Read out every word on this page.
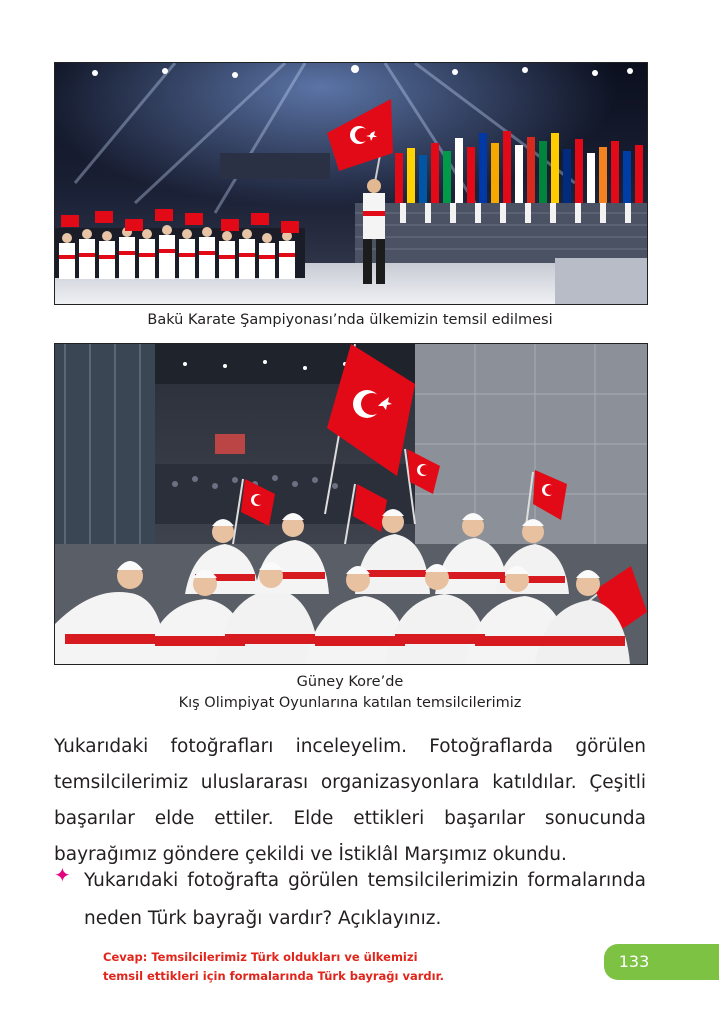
Bakü Karate Şampiyonası’nda ülkemizin temsil edilmesi
Güney Kore’de
Kış Olimpiyat Oyunlarına katılan temsilcilerimiz

Yukarıdaki fotoğrafları inceleyelim. Fotoğraflarda görülen temsilcilerimiz uluslararası organizasyonlara katıldılar. Çeşitli başarılar elde ettiler. Elde ettikleri başarılar sonucunda bayrağımız göndere çekildi ve İstiklâl Marşımız okundu.

✦ Yukarıdaki fotoğrafta görülen temsilcilerimizin formalarında neden Türk bayrağı vardır? Açıklayınız.

Cevap: Temsilcilerimiz Türk oldukları ve ülkemizi
temsil ettikleri için formalarında Türk bayrağı vardır.
133
